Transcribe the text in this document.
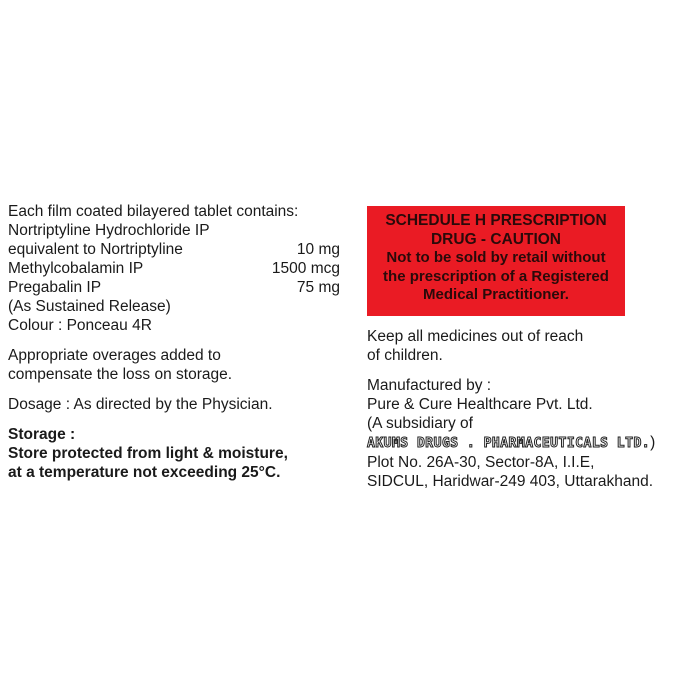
Each film coated bilayered tablet contains:
Nortriptyline Hydrochloride IP
equivalent to Nortriptyline	10 mg
Methylcobalamin IP	1500 mcg
Pregabalin IP	75 mg
(As Sustained Release)
Colour : Ponceau 4R
Appropriate overages added to
compensate the loss on storage.
Dosage : As directed by the Physician.
Storage :
Store protected from light & moisture,
at a temperature not exceeding 25°C.
SCHEDULE H PRESCRIPTION
DRUG - CAUTION
Not to be sold by retail without
the prescription of a Registered
Medical Practitioner.
Keep all medicines out of reach
of children.
Manufactured by :
Pure & Cure Healthcare Pvt. Ltd.
(A subsidiary of
AKUMS DRUGS . PHARMACEUTICALS LTD.)
Plot No. 26A-30, Sector-8A, I.I.E,
SIDCUL, Haridwar-249 403, Uttarakhand.
